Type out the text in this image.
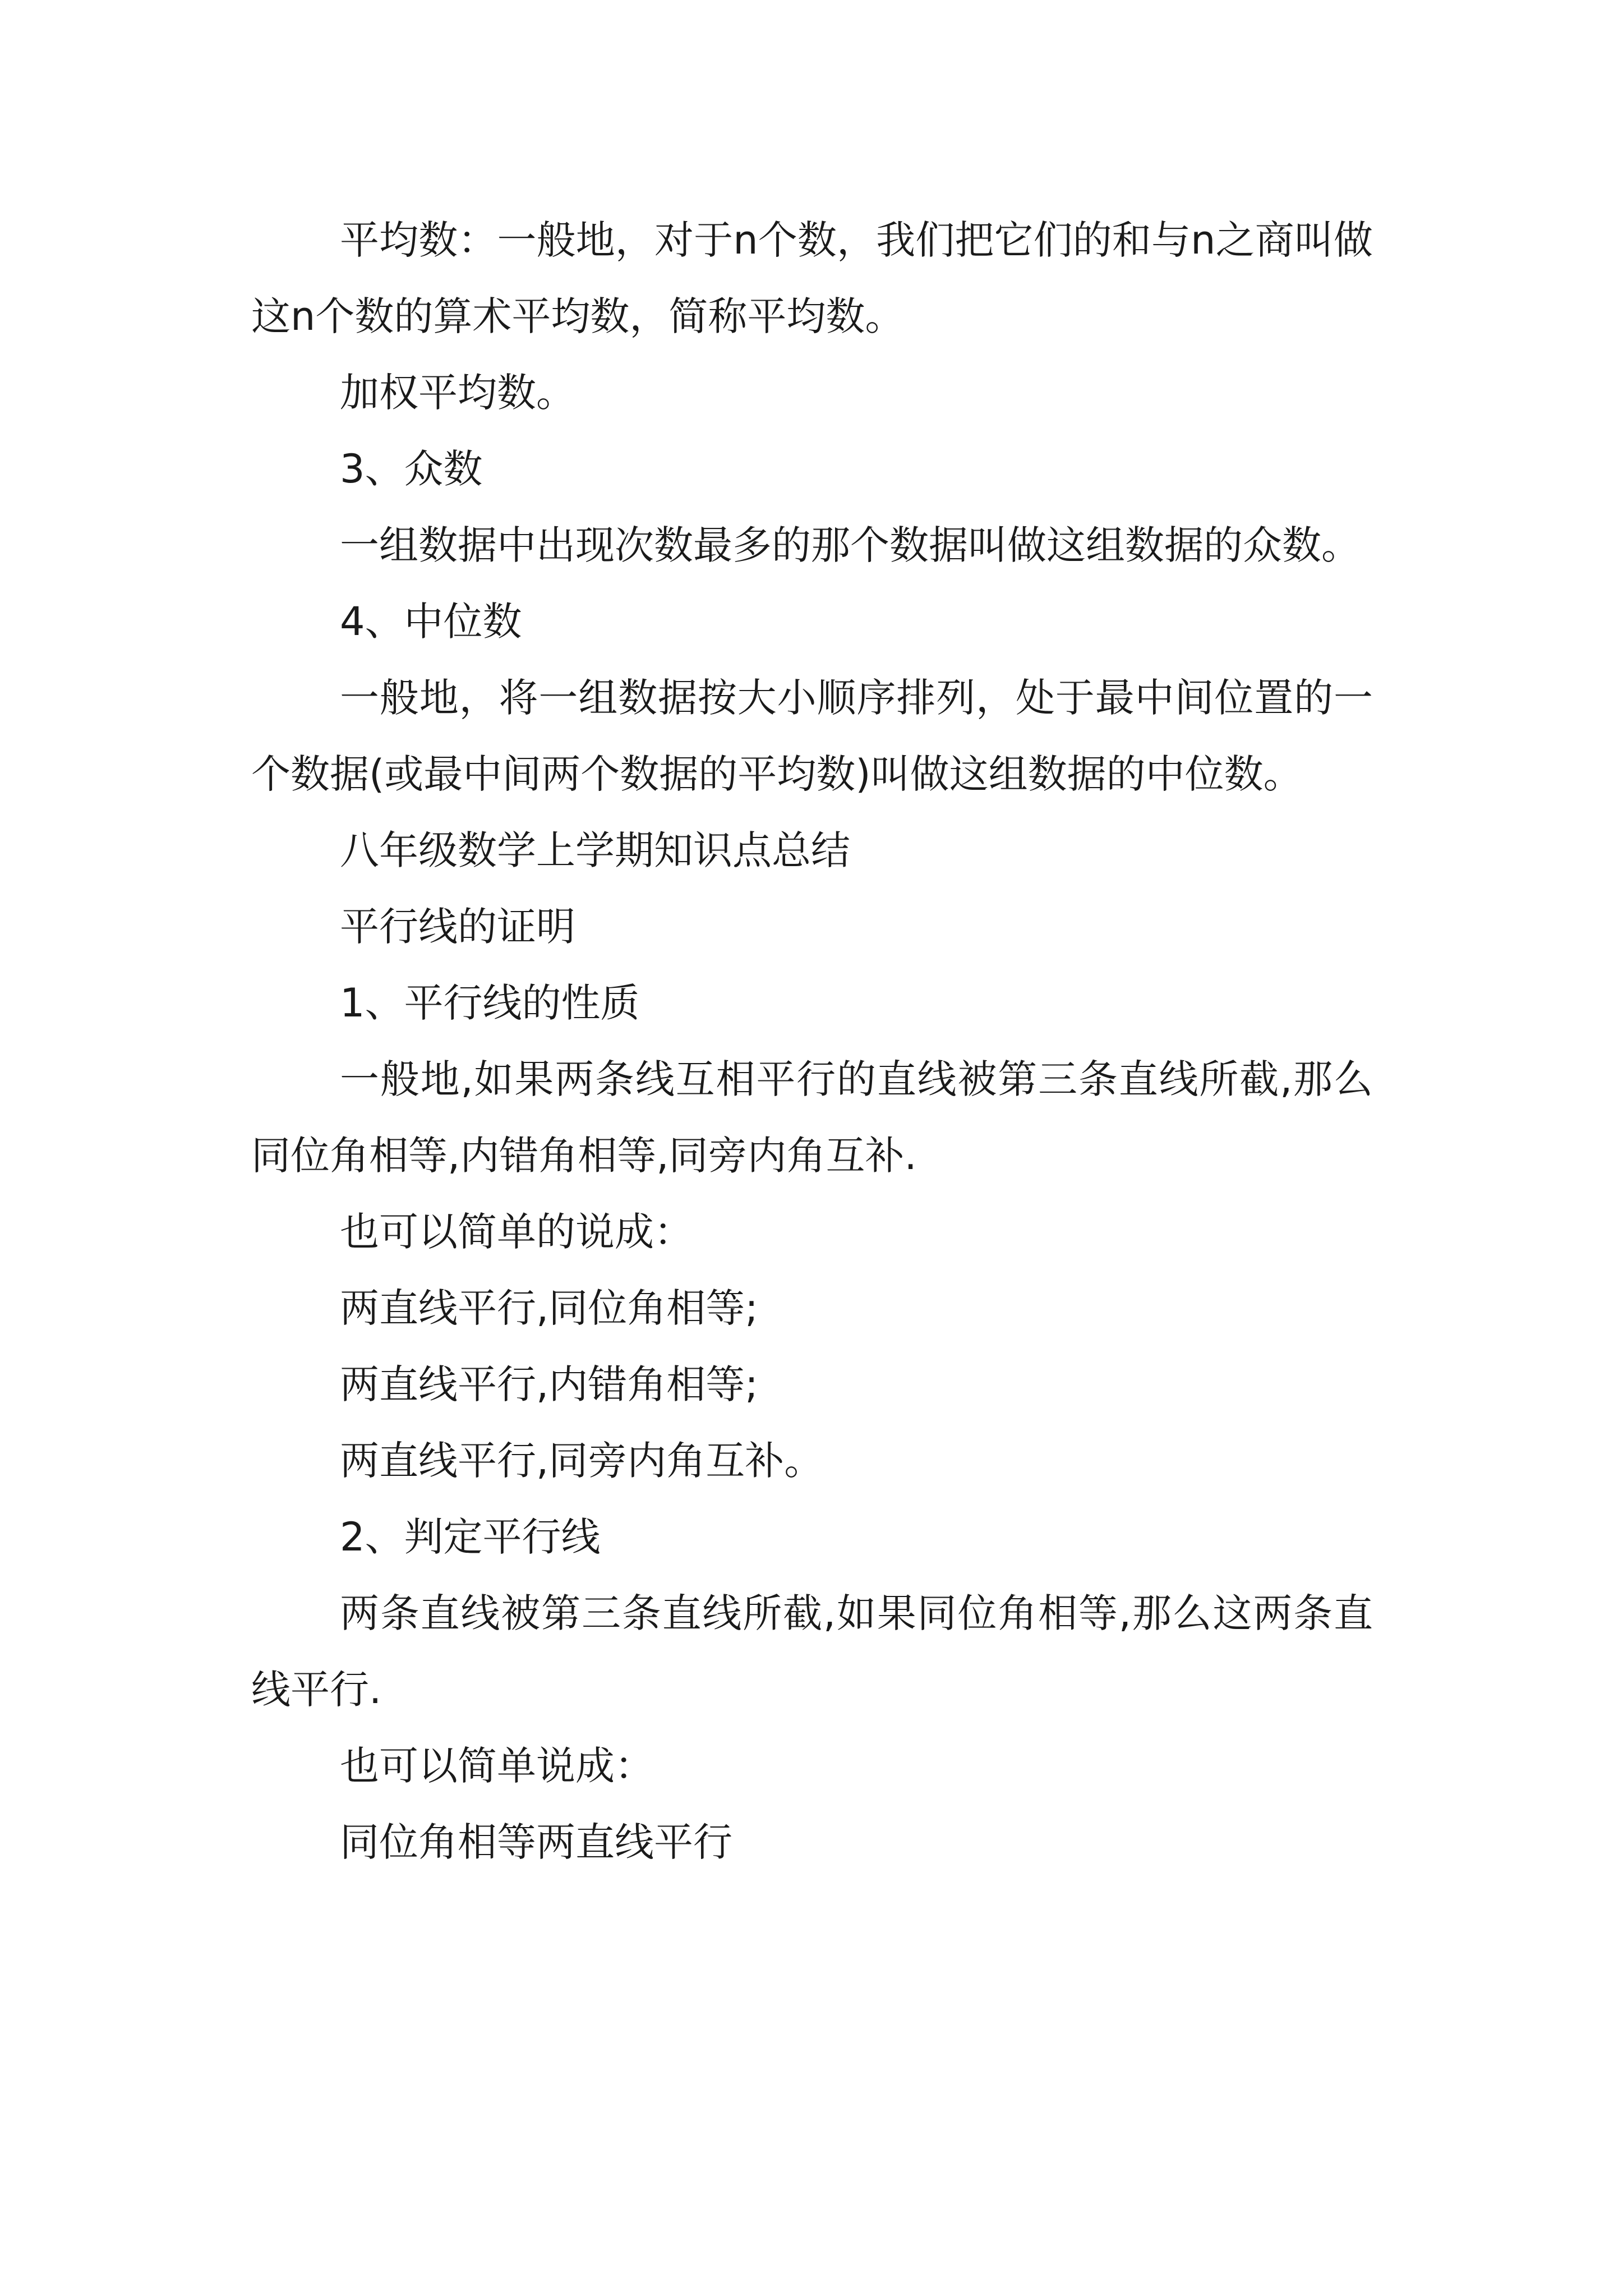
平均数：一般地，对于n个数，我们把它们的和与n之商叫做这n个数的算术平均数，简称平均数。

加权平均数。

3、众数

一组数据中出现次数最多的那个数据叫做这组数据的众数。

4、中位数

一般地，将一组数据按大小顺序排列，处于最中间位置的一个数据(或最中间两个数据的平均数)叫做这组数据的中位数。

八年级数学上学期知识点总结

平行线的证明

1、平行线的性质

一般地,如果两条线互相平行的直线被第三条直线所截,那么同位角相等,内错角相等,同旁内角互补.

也可以简单的说成：

两直线平行,同位角相等;

两直线平行,内错角相等;

两直线平行,同旁内角互补。

2、判定平行线

两条直线被第三条直线所截,如果同位角相等,那么这两条直线平行.

也可以简单说成：

同位角相等两直线平行
